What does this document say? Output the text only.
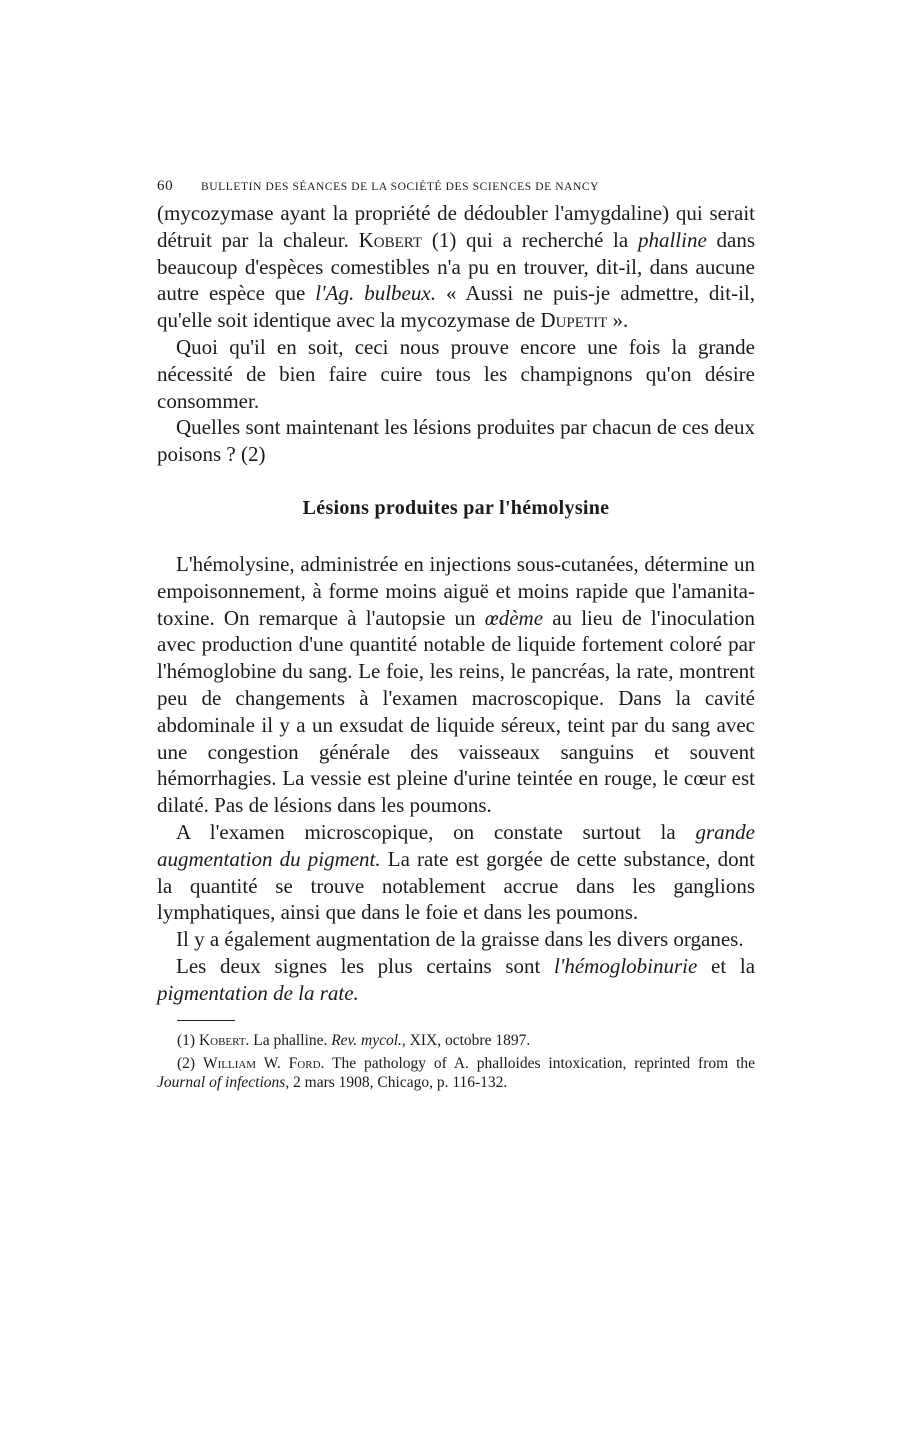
60 BULLETIN DES SÉANCES DE LA SOCIÉTÉ DES SCIENCES DE NANCY

(mycozymase ayant la propriété de dédoubler l'amygdaline) qui serait détruit par la chaleur. Kobert (1) qui a recherché la phalline dans beaucoup d'espèces comestibles n'a pu en trouver, dit-il, dans aucune autre espèce que l'Ag. bulbeux. « Aussi ne puis-je admettre, dit-il, qu'elle soit identique avec la mycozymase de Dupetit ».

Quoi qu'il en soit, ceci nous prouve encore une fois la grande nécessité de bien faire cuire tous les champignons qu'on désire consommer.

Quelles sont maintenant les lésions produites par chacun de ces deux poisons ? (2)

Lésions produites par l'hémolysine

L'hémolysine, administrée en injections sous-cutanées, détermine un empoisonnement, à forme moins aiguë et moins rapide que l'amanita-toxine. On remarque à l'autopsie un œdème au lieu de l'inoculation avec production d'une quantité notable de liquide fortement coloré par l'hémoglobine du sang. Le foie, les reins, le pancréas, la rate, montrent peu de changements à l'examen macroscopique. Dans la cavité abdominale il y a un exsudat de liquide séreux, teint par du sang avec une congestion générale des vaisseaux sanguins et souvent hémorrhagies. La vessie est pleine d'urine teintée en rouge, le cœur est dilaté. Pas de lésions dans les poumons.

A l'examen microscopique, on constate surtout la grande augmentation du pigment. La rate est gorgée de cette substance, dont la quantité se trouve notablement accrue dans les ganglions lymphatiques, ainsi que dans le foie et dans les poumons.

Il y a également augmentation de la graisse dans les divers organes.

Les deux signes les plus certains sont l'hémoglobinurie et la pigmentation de la rate.

(1) Kobert. La phalline. Rev. mycol., XIX, octobre 1897.

(2) William W. Ford. The pathology of A. phalloides intoxication, reprinted from the Journal of infections, 2 mars 1908, Chicago, p. 116-132.
